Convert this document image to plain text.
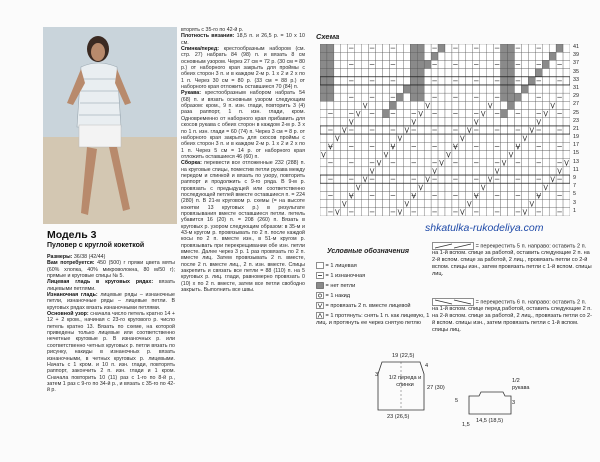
Модель 3
Пуловер с круглой кокеткой

Размеры: 36/38 (42/44)

Вам потребуется: 450 (500) г пряжи цвета мяты (60% хлопка, 40% микроволокна, 80 м/50 г); прямые и круговые спицы № 5.

Лицевая гладь в круговых рядах: вязать лицевыми петлями.

Изнаночная гладь: лицевые ряды – изнаночные петли, изнаночные ряды – лицевые петли. В круговых рядах вязать изнаночными петлями.

Основной узор: сначала число петель кратно 14 + 12 + 2 кром., начиная с 23-го кругового р. число петель кратно 13. Вязать по схеме, на которой приведены только лицевые или соответственно нечетные круговые р. В изнаночных р. или соответственно четных круговых р. петли вязать по рисунку, накиды в изнаночных р. вязать изнаночными, в четных круговых р. лицевыми. Начать с 1 кром. и 10 п. изн. глади, повторять раппорт, закончить 2 п. изн. глади и 1 кром. Сначала повторить 10 (11) раз с 1-го по 8-й р., затем 1 раз с 9-го по 34-й р., и вязать с 35-го по 42-й р.

вторять с 35-го по 42-й р.

Плотность вязания: 18,5 п. и 26,5 р. = 10 х 10 см.

Спинка/перед: крестообразным набором (см. стр. 27) набрать 84 (98) п. и вязать 8 см основным узором. Через 27 см = 72 р. (30 см = 80 р.) от наборного края закрыть для проймы с обеих сторон 3 п. и в каждом 2-м р. 1 х 2 и 2 х по 1 п. Через 30 см = 80 р. (33 см = 88 р.) от наборного края отложить оставшиеся 70 (84) п.

Рукава: крестообразным набором набрать 54 (68) п. и вязать основным узором следующим образом: кром., 9 п. изн. глади, повторить 3 (4) раза раппорт, 1 п. изн. глади, кром. Одновременно от наборного края прибавить для скосов рукава с обеих сторон в каждом 2-м р. 3 х по 1 п. изн. глади = 60 (74) п. Через 3 см = 8 р. от наборного края закрыть для скосов проймы с обеих сторон 3 п. и в каждом 2-м р. 1 х 2 и 2 х по 1 п. Через 5 см = 14 р. от наборного края отложить оставшиеся 46 (60) п.

Сборка: перевести все отложенные 232 (288) п. на круговые спицы, поместив петли рукава между передом и спинкой и вязать по узору, повторить раппорт и продолжить с 9-го ряда. В 9-м р. провязать с предыдущей или соответственно последующей петлей вместе оставшиеся п. = 224 (280) п. В 21-м круговом р. схемы (= на высоте кокетки 13 круговых р.) в результате провязывания вместе оставшиеся петли. петель убавится 16 (20) п. = 208 (260) п. Вязать в круговых р. узором следующим образом: в 35-м и 43-м кругом р. провязывать по 2 п. после каждой косы по 2 п. вместе изн., в 51-м кругом р. провязывать при перекрещивании обе изн. петли вместе. Далее через 3 р. 1 раз провязать по 2 п. вместе лиц. Затем провязывать 2 п. вместе, после 2 п. вместе лиц., 2 п. изн. вместе. Спицы закрепить и связать все петли = 88 (110) п. на 5 круговых р. лиц. глади, равномерно провязать 0 (10) х по 2 п. вместе, затем все петли свободно закрыть. Выполнить все швы.

Схема
41
39
37
35
33
31
29
27
25
23
21
19
17
15
13
11
9
7
5
3
1
shkatulka-rukodeliya.com
Условные обозначения
= 1 лицевая
= 1 изнаночная
= нет петли
= 1 накид
= провязать 2 п. вместе лицевой
= 1 протянуть: снять 1 п. как лицевую, 1 лиц. и протянуть ее через снятую петлю
= перекрестить 5 п. направо: оставить 2 п. на 1-й вспом. спице за работой, оставить следующие 2 п. на 2-й вспом. спице за работой, 2 лиц., провязать петли со 2-й вспом. спицы изн., затем провязать петли с 1-й вспом. спицы лиц.
= перекрестить 6 п. направо: оставить 2 п. на 1-й вспом. спице перед работой, оставить следующие 2 п. на 2-й вспом. спице за работой, 2 лиц., провязать петли со 2-й вспом. спицы изн., затем провязать петли с 1-й вспом. спицы лиц.
19 (22,5)
4
3
27 (30)
23 (26,5)
1/2 переда и спинки
1/2 рукава
14,5 (18,5)
5
1,5
3
